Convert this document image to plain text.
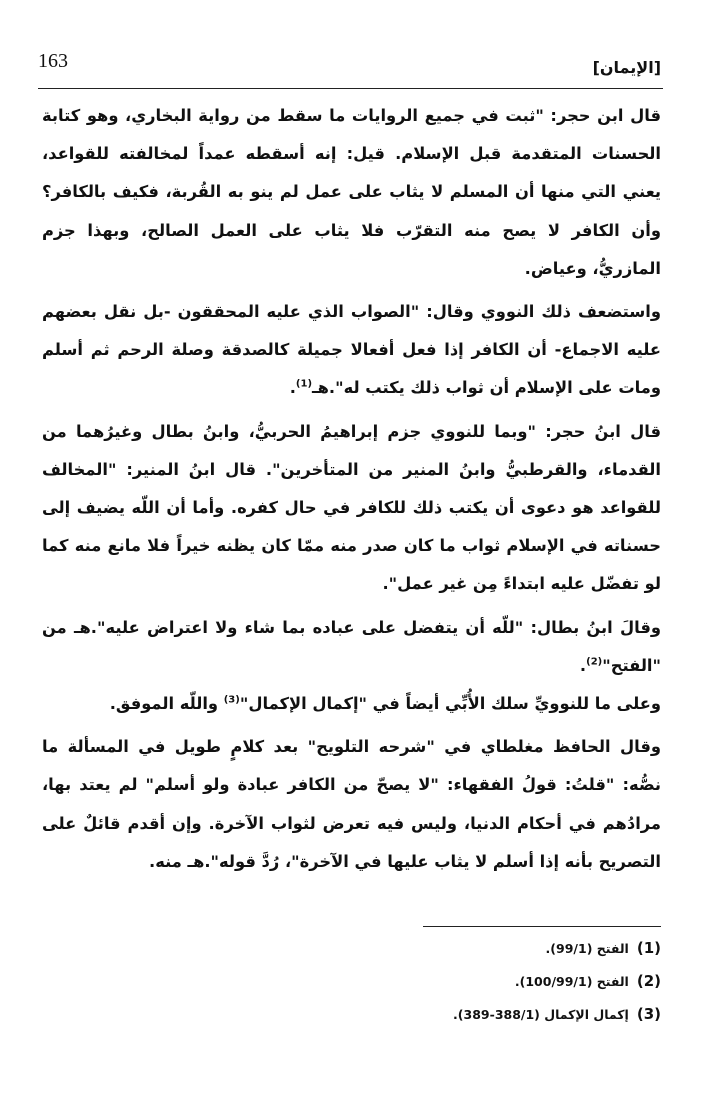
[الإيمان]
163

قال ابن حجر: "ثبت في جميع الروايات ما سقط من رواية البخاري، وهو كتابة الحسنات المتقدمة قبل الإسلام. قيل: إنه أسقطه عمداً لمخالفته للقواعد، يعني التي منها أن المسلم لا يثاب على عمل لم ينو به القُربة، فكيف بالكافر؟ وأن الكافر لا يصح منه التقرّب فلا يثاب على العمل الصالح، وبهذا جزم المازريُّ، وعياض.

واستضعف ذلك النووي وقال: "الصواب الذي عليه المحققون -بل نقل بعضهم عليه الاجماع- أن الكافر إذا فعل أفعالا جميلة كالصدقة وصلة الرحم ثم أسلم ومات على الإسلام أن ثواب ذلك يكتب له".هـ$^{(1)}$.

قال ابنُ حجر: "وبما للنووي جزم إبراهيمُ الحربيُّ، وابنُ بطال وغيرُهما من القدماء، والقرطبيُّ وابنُ المنير من المتأخرين". قال ابنُ المنير: "المخالف للقواعد هو دعوى أن يكتب ذلك للكافر في حال كفره. وأما أن اللّه يضيف إلى حسناته في الإسلام ثواب ما كان صدر منه ممّا كان يظنه خيراً فلا مانع منه كما لو تفضّل عليه ابتداءً مِن غير عمل".

وقالَ ابنُ بطال: "للّه أن يتفضل على عباده بما شاء ولا اعتراض عليه".هـ من "الفتح"$^{(2)}$.

وعلى ما للنوويِّ سلك الأُبِّي أيضاً في "إكمال الإكمال"$^{(3)}$ واللّه الموفق.

وقال الحافظ مغلطاي في "شرحه التلويح" بعد كلامٍ طويل في المسألة ما نصُّه: "قلتُ: قولُ الفقهاء: "لا يصحّ من الكافر عبادة ولو أسلم" لم يعتد بها، مرادُهم في أحكام الدنيا، وليس فيه تعرض لثواب الآخرة. وإن أقدم قائلٌ على التصريح بأنه إذا أسلم لا يثاب عليها في الآخرة"، رُدَّ قوله".هـ منه.

(1)الفتح (99/1).
(2)الفتح (100/99/1).
(3)إكمال الإكمال (388/1-389).
